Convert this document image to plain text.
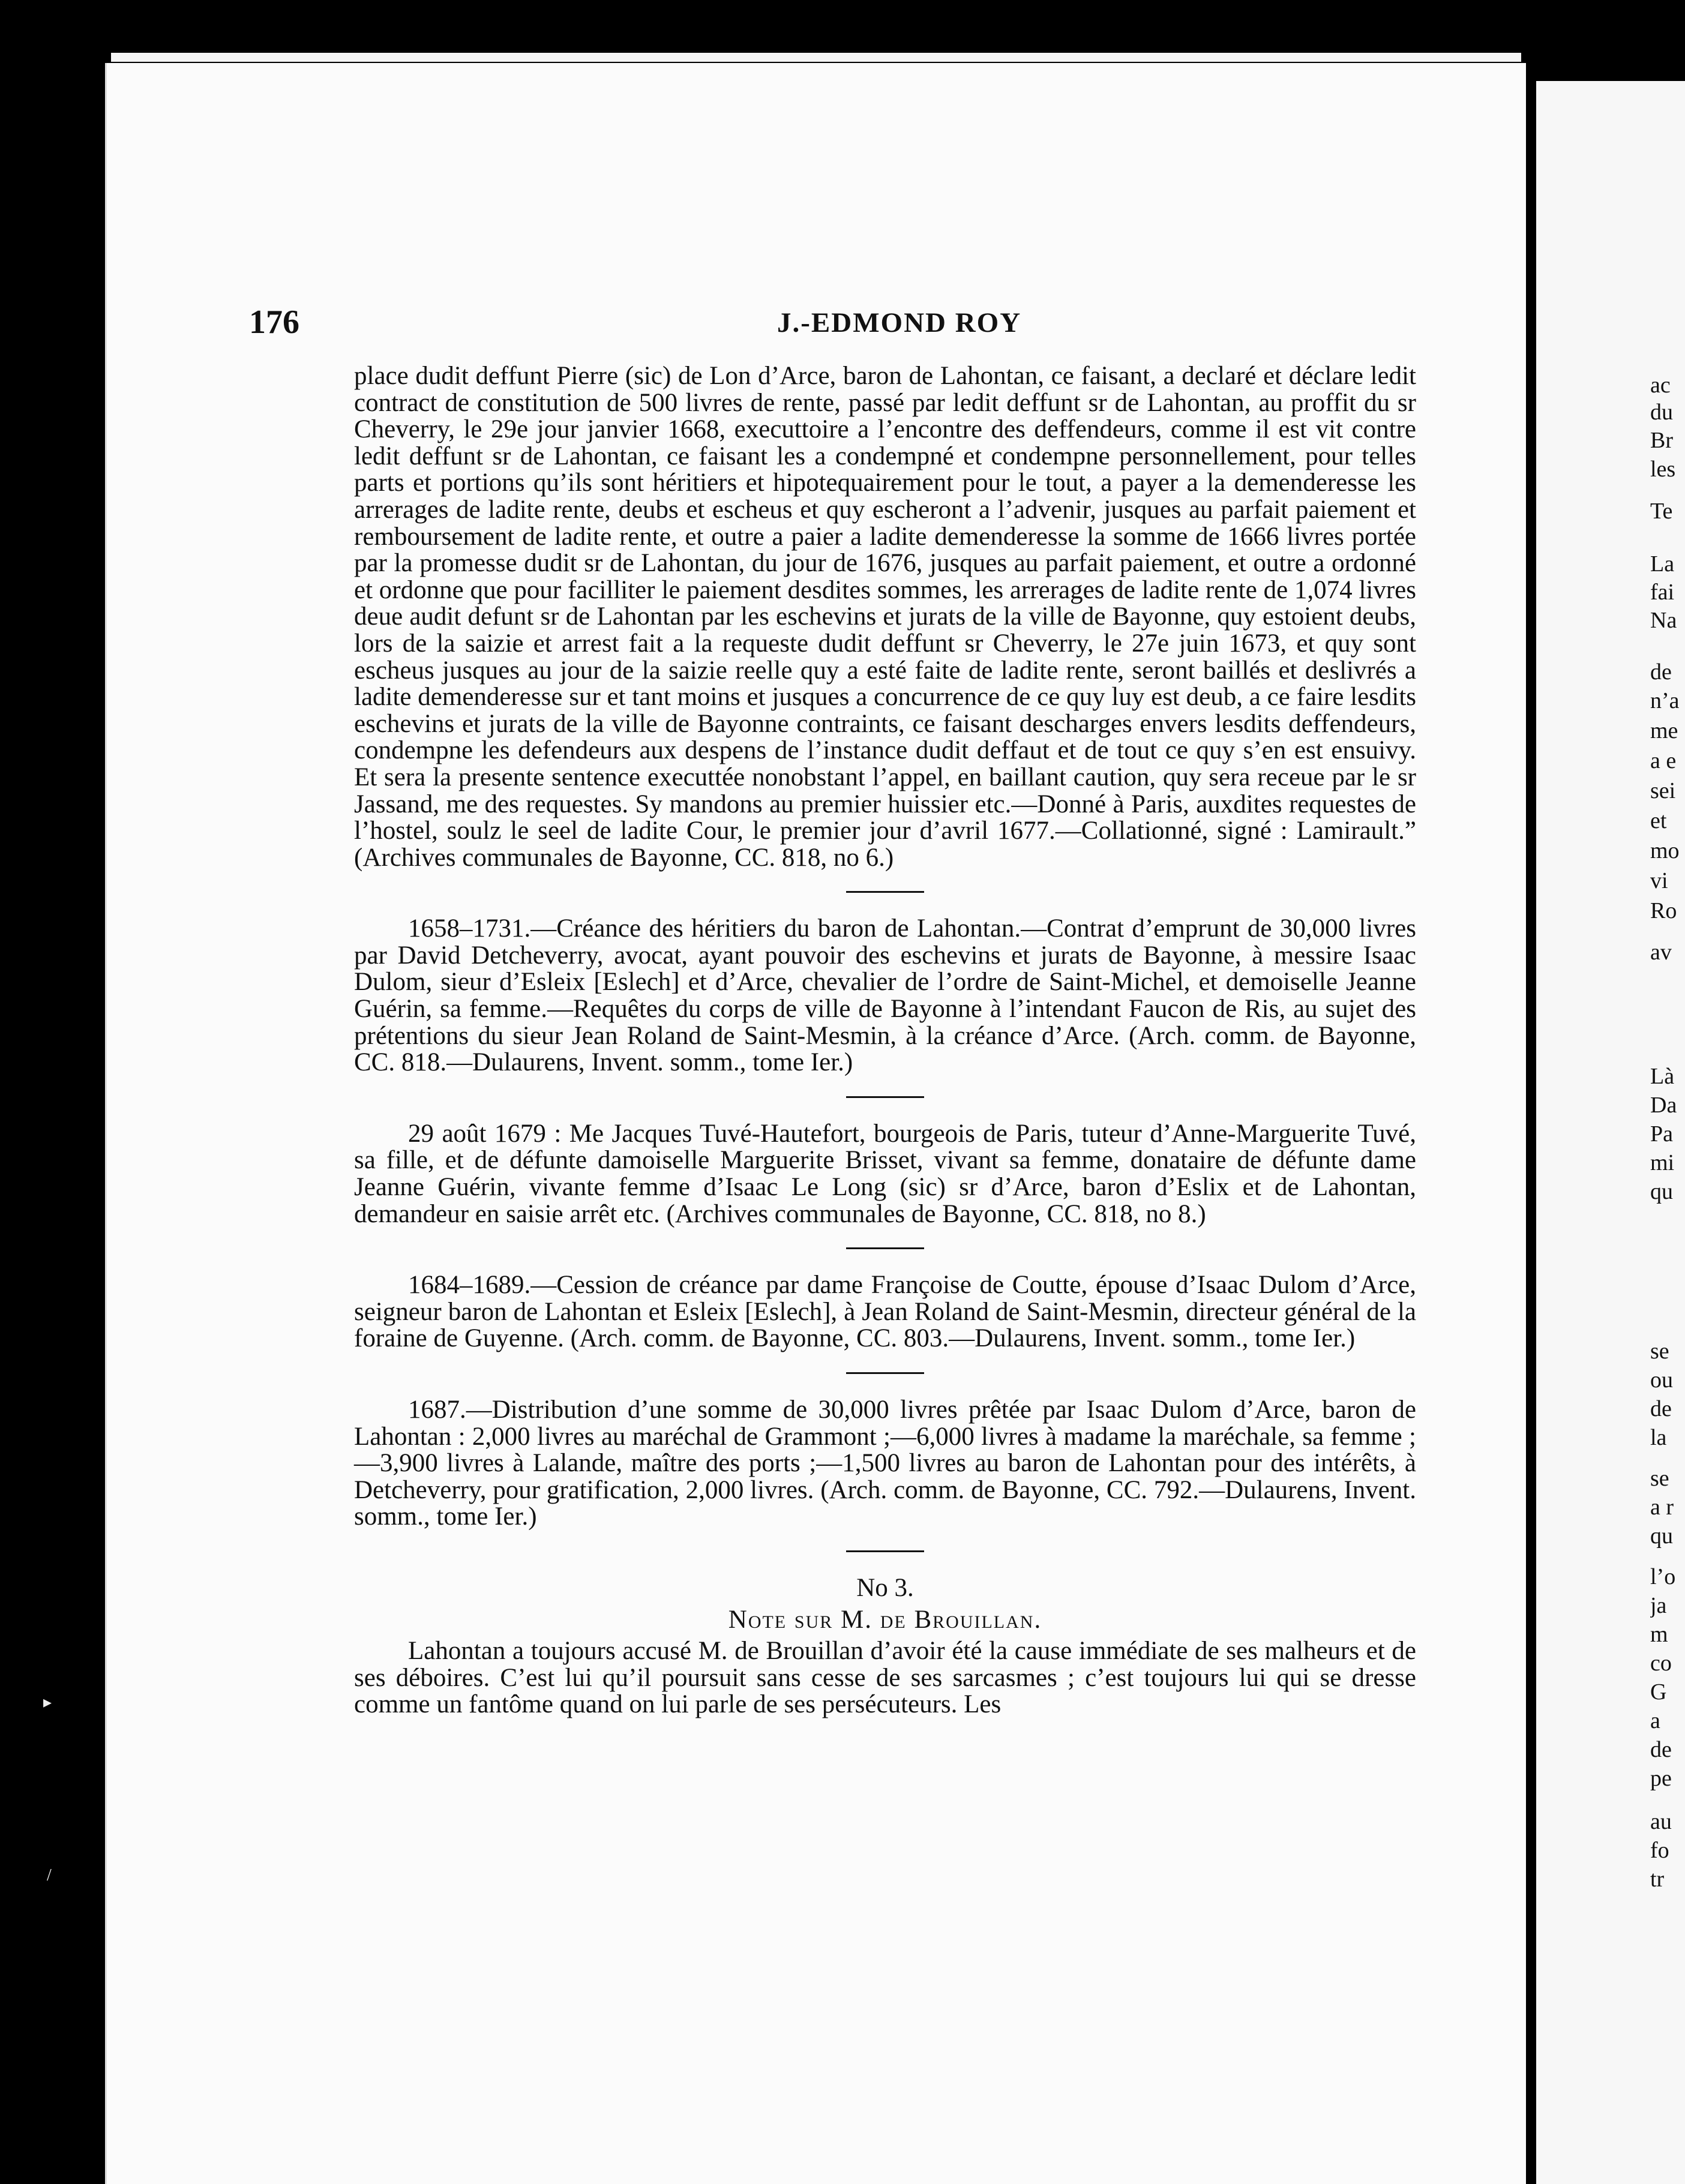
▸
/
176	J.-EDMOND ROY

place dudit deffunt Pierre (sic) de Lon d’Arce, baron de Lahontan, ce faisant, a declaré et déclare ledit contract de constitution de 500 livres de rente, passé par ledit deffunt sr de Lahontan, au proffit du sr Cheverry, le 29e jour janvier 1668, executtoire a l’encontre des deffendeurs, comme il est vit contre ledit deffunt sr de Lahontan, ce faisant les a condempné et condempne personnellement, pour telles parts et portions qu’ils sont héritiers et hipotequairement pour le tout, a payer a la demenderesse les arrerages de ladite rente, deubs et escheus et quy escheront a l’advenir, jusques au parfait paiement et remboursement de ladite rente, et outre a paier a ladite demenderesse la somme de 1666 livres portée par la promesse dudit sr de Lahontan, du jour de 1676, jusques au parfait paiement, et outre a ordonné et ordonne que pour facilliter le paiement desdites sommes, les arrerages de ladite rente de 1,074 livres deue audit defunt sr de Lahontan par les eschevins et jurats de la ville de Bayonne, quy estoient deubs, lors de la saizie et arrest fait a la requeste dudit deffunt sr Cheverry, le 27e juin 1673, et quy sont escheus jusques au jour de la saizie reelle quy a esté faite de ladite rente, seront baillés et deslivrés a ladite demenderesse sur et tant moins et jusques a concurrence de ce quy luy est deub, a ce faire lesdits eschevins et jurats de la ville de Bayonne contraints, ce faisant descharges envers lesdits deffendeurs, condempne les defendeurs aux despens de l’instance dudit deffaut et de tout ce quy s’en est ensuivy. Et sera la presente sentence executtée nonobstant l’appel, en baillant caution, quy sera receue par le sr Jassand, me des requestes. Sy mandons au premier huissier etc.—Donné à Paris, auxdites requestes de l’hostel, soulz le seel de ladite Cour, le premier jour d’avril 1677.—Collationné, signé : Lamirault.” (Archives communales de Bayonne, CC. 818, no 6.)

1658–1731.—Créance des héritiers du baron de Lahontan.—Contrat d’emprunt de 30,000 livres par David Detcheverry, avocat, ayant pouvoir des eschevins et jurats de Bayonne, à messire Isaac Dulom, sieur d’Esleix [Eslech] et d’Arce, chevalier de l’ordre de Saint-Michel, et demoiselle Jeanne Guérin, sa femme.—Requêtes du corps de ville de Bayonne à l’intendant Faucon de Ris, au sujet des prétentions du sieur Jean Roland de Saint-Mesmin, à la créance d’Arce. (Arch. comm. de Bayonne, CC. 818.—Dulaurens, Invent. somm., tome Ier.)

29 août 1679 : Me Jacques Tuvé-Hautefort, bourgeois de Paris, tuteur d’Anne-Marguerite Tuvé, sa fille, et de défunte damoiselle Marguerite Brisset, vivant sa femme, donataire de défunte dame Jeanne Guérin, vivante femme d’Isaac Le Long (sic) sr d’Arce, baron d’Eslix et de Lahontan, demandeur en saisie arrêt etc. (Archives communales de Bayonne, CC. 818, no 8.)

1684–1689.—Cession de créance par dame Françoise de Coutte, épouse d’Isaac Dulom d’Arce, seigneur baron de Lahontan et Esleix [Eslech], à Jean Roland de Saint-Mesmin, directeur général de la foraine de Guyenne. (Arch. comm. de Bayonne, CC. 803.—Dulaurens, Invent. somm., tome Ier.)

1687.—Distribution d’une somme de 30,000 livres prêtée par Isaac Dulom d’Arce, baron de Lahontan : 2,000 livres au maréchal de Grammont ;—6,000 livres à madame la maréchale, sa femme ;—3,900 livres à Lalande, maître des ports ;—1,500 livres au baron de Lahontan pour des intérêts, à Detcheverry, pour gratification, 2,000 livres. (Arch. comm. de Bayonne, CC. 792.—Dulaurens, Invent. somm., tome Ier.)

No 3.
Note sur M. de Brouillan.

Lahontan a toujours accusé M. de Brouillan d’avoir été la cause immédiate de ses malheurs et de ses déboires. C’est lui qu’il poursuit sans cesse de ses sarcasmes ; c’est toujours lui qui se dresse comme un fantôme quand on lui parle de ses persécuteurs. Les

ac
du
Br
les
Te
La
fai
Na
de
n’a
me
a e
sei
et
mo
vi
Ro
av
Là
Da
Pa
mi
qu
se
ou
de
la
se
a r
qu
l’o
ja
m
co
G
a
de
pe
au
fo
tr
